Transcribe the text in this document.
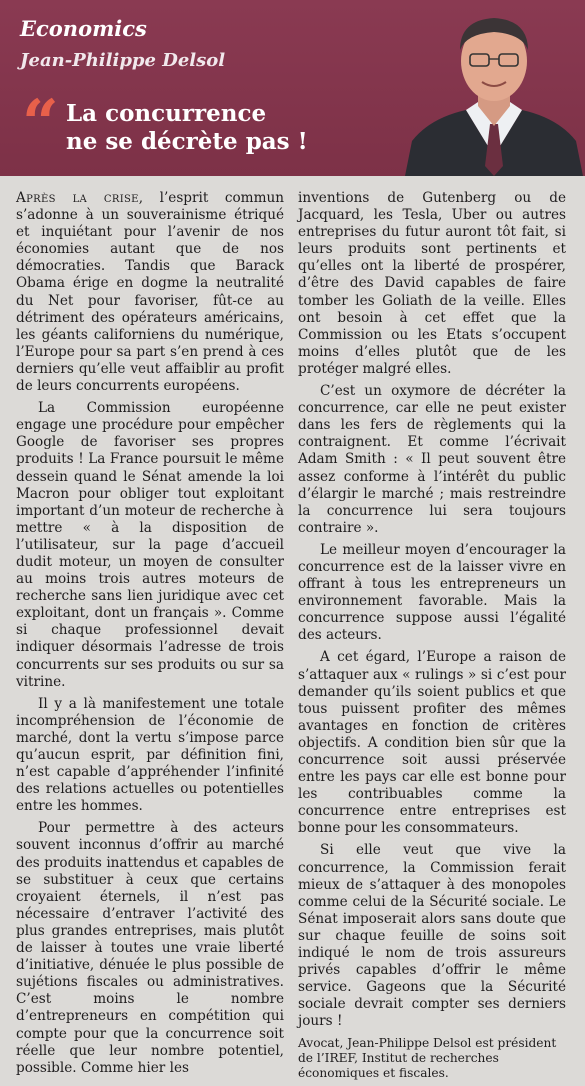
Economics
Jean-Philippe Delsol
“ La concurrence
ne se décrète pas !

Après la crise, l’esprit commun s’adonne à un souverainisme étriqué et inquiétant pour l’avenir de nos économies autant que de nos démocraties. Tandis que Barack Obama érige en dogme la neutralité du Net pour favoriser, fût-ce au détriment des opérateurs américains, les géants californiens du numérique, l’Europe pour sa part s’en prend à ces derniers qu’elle veut affaiblir au profit de leurs concurrents européens.

La Commission européenne engage une procédure pour empêcher Google de favoriser ses propres produits ! La France poursuit le même dessein quand le Sénat amende la loi Macron pour obliger tout exploitant important d’un moteur de recherche à mettre « à la disposition de l’utilisateur, sur la page d’accueil dudit moteur, un moyen de consulter au moins trois autres moteurs de recherche sans lien juridique avec cet exploitant, dont un français ». Comme si chaque professionnel devait indiquer désormais l’adresse de trois concurrents sur ses produits ou sur sa vitrine.

Il y a là manifestement une totale incompréhension de l’économie de marché, dont la vertu s’impose parce qu’aucun esprit, par définition fini, n’est capable d’appréhender l’infinité des relations actuelles ou potentielles entre les hommes.

Pour permettre à des acteurs souvent inconnus d’offrir au marché des produits inattendus et capables de se substituer à ceux que certains croyaient éternels, il n’est pas nécessaire d’entraver l’activité des plus grandes entreprises, mais plutôt de laisser à toutes une vraie liberté d’initiative, dénuée le plus possible de sujétions fiscales ou administratives. C’est moins le nombre d’entrepreneurs en compétition qui compte pour que la concurrence soit réelle que leur nombre potentiel, possible. Comme hier les

inventions de Gutenberg ou de Jacquard, les Tesla, Uber ou autres entreprises du futur auront tôt fait, si leurs produits sont pertinents et qu’elles ont la liberté de prospérer, d’être des David capables de faire tomber les Goliath de la veille. Elles ont besoin à cet effet que la Commission ou les Etats s’occupent moins d’elles plutôt que de les protéger malgré elles.

C’est un oxymore de décréter la concurrence, car elle ne peut exister dans les fers de règlements qui la contraignent. Et comme l’écrivait Adam Smith : « Il peut souvent être assez conforme à l’intérêt du public d’élargir le marché ; mais restreindre la concurrence lui sera toujours contraire ».

Le meilleur moyen d’encourager la concurrence est de la laisser vivre en offrant à tous les entrepreneurs un environnement favorable. Mais la concurrence suppose aussi l’égalité des acteurs.

A cet égard, l’Europe a raison de s’attaquer aux « rulings » si c’est pour demander qu’ils soient publics et que tous puissent profiter des mêmes avantages en fonction de critères objectifs. A condition bien sûr que la concurrence soit aussi préservée entre les pays car elle est bonne pour les contribuables comme la concurrence entre entreprises est bonne pour les consommateurs.

Si elle veut que vive la concurrence, la Commission ferait mieux de s’attaquer à des monopoles comme celui de la Sécurité sociale. Le Sénat imposerait alors sans doute que sur chaque feuille de soins soit indiqué le nom de trois assureurs privés capables d’offrir le même service. Gageons que la Sécurité sociale devrait compter ses derniers jours !

Avocat, Jean-Philippe Delsol est président de l’IREF, Institut de recherches économiques et fiscales.
